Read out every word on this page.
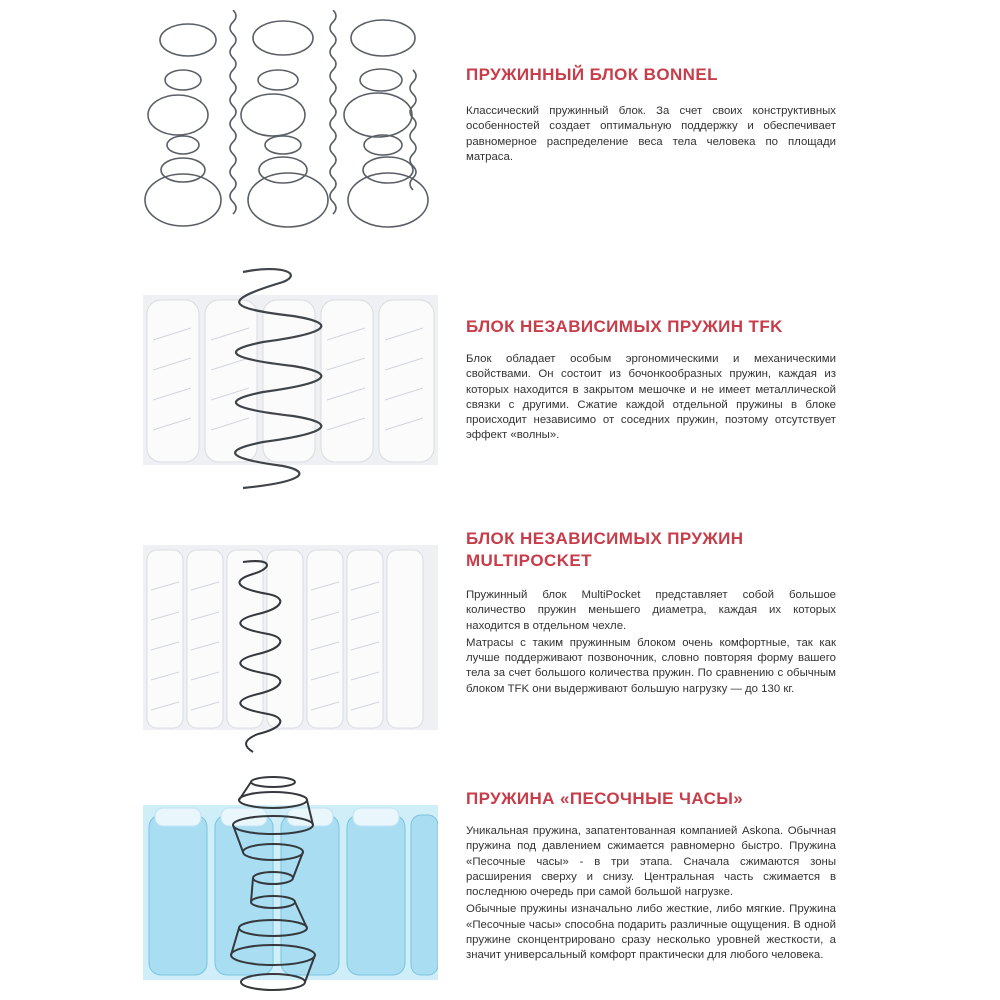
ПРУЖИННЫЙ БЛОК BONNEL

Классический пружинный блок. За счет своих конструктивных особенностей создает оптимальную поддержку и обеспечивает равномерное распределение веса тела человека по площади матраса.

БЛОК НЕЗАВИСИМЫХ ПРУЖИН TFK

Блок обладает особым эргономическими и механическими свойствами. Он состоит из бочонкообразных пружин, каждая из которых находится в закрытом мешочке и не имеет металлической связки с другими. Сжатие каждой отдельной пружины в блоке происходит независимо от соседних пружин, поэтому отсутствует эффект «волны».

БЛОК НЕЗАВИСИМЫХ ПРУЖИН MULTIPOCKET

Пружинный блок MultiPocket представляет собой большое количество пружин меньшего диаметра, каждая их которых находится в отдельном чехле.

Матрасы с таким пружинным блоком очень комфортные, так как лучше поддерживают позвоночник, словно повторяя форму вашего тела за счет большого количества пружин. По сравнению с обычным блоком TFK они выдерживают большую нагрузку — до 130 кг.

ПРУЖИНА «ПЕСОЧНЫЕ ЧАСЫ»

Уникальная пружина, запатентованная компанией Askona. Обычная пружина под давлением сжимается равномерно быстро. Пружина «Песочные часы» - в три этапа. Сначала сжимаются зоны расширения сверху и снизу. Центральная часть сжимается в последнюю очередь при самой большой нагрузке.

Обычные пружины изначально либо жесткие, либо мягкие. Пружина «Песочные часы» способна подарить различные ощущения. В одной пружине сконцентрировано сразу несколько уровней жесткости, а значит универсальный комфорт практически для любого человека.
